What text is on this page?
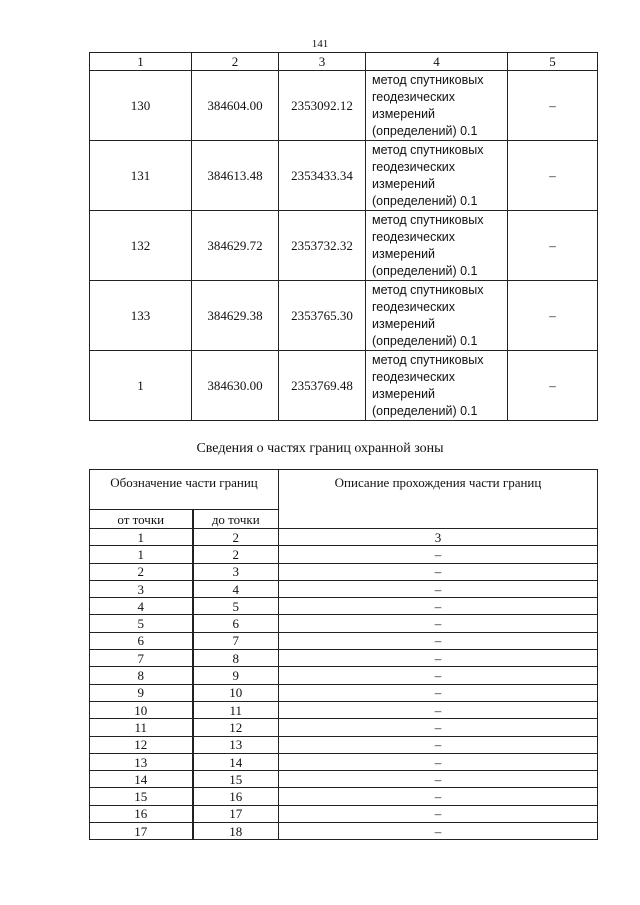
141
1	2	3	4	5
130	384604.00	2353092.12	метод спутниковых
геодезических
измерений
(определений) 0.1	–
131	384613.48	2353433.34	метод спутниковых
геодезических
измерений
(определений) 0.1	–
132	384629.72	2353732.32	метод спутниковых
геодезических
измерений
(определений) 0.1	–
133	384629.38	2353765.30	метод спутниковых
геодезических
измерений
(определений) 0.1	–
1	384630.00	2353769.48	метод спутниковых
геодезических
измерений
(определений) 0.1	–
Сведения о частях границ охранной зоны
Обозначение части границ		Описание прохождения части границ
от точки	до точки	
1	2	3
1	2	–
2	3	–
3	4	–
4	5	–
5	6	–
6	7	–
7	8	–
8	9	–
9	10	–
10	11	–
11	12	–
12	13	–
13	14	–
14	15	–
15	16	–
16	17	–
17	18	–
